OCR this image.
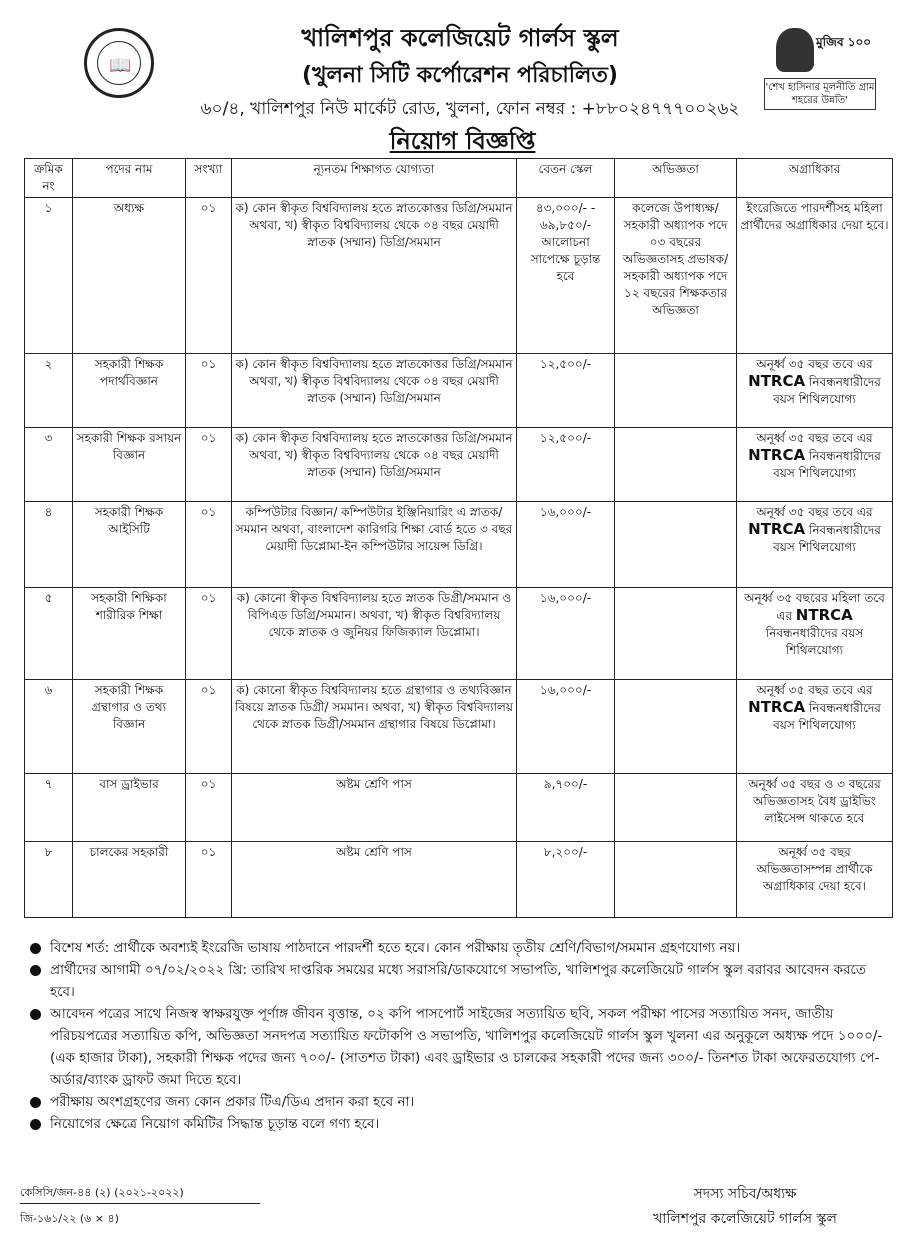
📖
খালিশপুর কলেজিয়েট গার্লস স্কুল
(খুলনা সিটি কর্পোরেশন পরিচালিত)
৬০/৪, খালিশপুর নিউ মার্কেট রোড, খুলনা, ফোন নম্বর : +৮৮০২৪৭৭৭০০২৬২
নিয়োগ বিজ্ঞপ্তি
মুজিব ১০০
'শেখ হাসিনার মূলনীতি গ্রাম শহরের উন্নতি'
ক্রমিক নং	পদের নাম	সংখ্যা	ন্যূনতম শিক্ষাগত যোগ্যতা	বেতন স্কেল	অভিজ্ঞতা	অগ্রাধিকার
১	অধ্যক্ষ	০১	ক) কোন স্বীকৃত বিশ্ববিদ্যালয় হতে স্নাতকোত্তর ডিগ্রি/সমমান অথবা, খ) স্বীকৃত বিশ্ববিদ্যালয় থেকে ০৪ বছর মেয়াদী স্নাতক (সম্মান) ডিগ্রি/সমমান	৪৩,০০০/- - ৬৯,৮৫০/- আলোচনা সাপেক্ষে চূড়ান্ত হবে	কলেজে উপাধ্যক্ষ/সহকারী অধ্যাপক পদে ০৩ বছরের অভিজ্ঞতাসহ প্রভাষক/সহকারী অধ্যাপক পদে ১২ বছরের শিক্ষকতার অভিজ্ঞতা	ইংরেজিতে পারদর্শীসহ মহিলা প্রার্থীদের অগ্রাধিকার দেয়া হবে।
২	সহকারী শিক্ষক পদার্থবিজ্ঞান	০১	ক) কোন স্বীকৃত বিশ্ববিদ্যালয় হতে স্নাতকোত্তর ডিগ্রি/সমমান অথবা, খ) স্বীকৃত বিশ্ববিদ্যালয় থেকে ০৪ বছর মেয়াদী স্নাতক (সম্মান) ডিগ্রি/সমমান	১২,৫০০/-		অনূর্ধ্ব ৩৫ বছর তবে এর NTRCA নিবন্ধনধারীদের বয়স শিথিলযোগ্য
৩	সহকারী শিক্ষক রসায়ন বিজ্ঞান	০১	ক) কোন স্বীকৃত বিশ্ববিদ্যালয় হতে স্নাতকোত্তর ডিগ্রি/সমমান অথবা, খ) স্বীকৃত বিশ্ববিদ্যালয় থেকে ০৪ বছর মেয়াদী স্নাতক (সম্মান) ডিগ্রি/সমমান	১২,৫০০/-		অনূর্ধ্ব ৩৫ বছর তবে এর NTRCA নিবন্ধনধারীদের বয়স শিথিলযোগ্য
৪	সহকারী শিক্ষক আইসিটি	০১	কম্পিউটার বিজ্ঞান/ কম্পিউটার ইঞ্জিনিয়ারিং এ স্নাতক/সমমান অথবা, বাংলাদেশ কারিগরি শিক্ষা বোর্ড হতে ৩ বছর মেয়াদী ডিপ্লোমা-ইন কম্পিউটার সায়েন্স ডিগ্রি।	১৬,০০০/-		অনূর্ধ্ব ৩৫ বছর তবে এর NTRCA নিবন্ধনধারীদের বয়স শিথিলযোগ্য
৫	সহকারী শিক্ষিকা শারীরিক শিক্ষা	০১	ক) কোনো স্বীকৃত বিশ্ববিদ্যালয় হতে স্নাতক ডিগ্রী/সমমান ও বিপিএড ডিগ্রি/সমমান। অথবা, খ) স্বীকৃত বিশ্ববিদ্যালয় থেকে স্নাতক ও জুনিয়র ফিজিক্যাল ডিপ্লোমা।	১৬,০০০/-		অনূর্ধ্ব ৩৫ বছরের মহিলা তবে এর NTRCA নিবন্ধনধারীদের বয়স শিথিলযোগ্য
৬	সহকারী শিক্ষক গ্রন্থাগার ও তথ্য বিজ্ঞান	০১	ক) কোনো স্বীকৃত বিশ্ববিদ্যালয় হতে গ্রন্থাগার ও তথ্যবিজ্ঞান বিষয়ে স্নাতক ডিগ্রী/ সমমান। অথবা, খ) স্বীকৃত বিশ্ববিদ্যালয় থেকে স্নাতক ডিগ্রী/সমমান গ্রন্থাগার বিষয়ে ডিপ্লোমা।	১৬,০০০/-		অনূর্ধ্ব ৩৫ বছর তবে এর NTRCA নিবন্ধনধারীদের বয়স শিথিলযোগ্য
৭	বাস ড্রাইভার	০১	অষ্টম শ্রেণি পাস	৯,৭০০/-		অনূর্ধ্ব ৩৫ বছর ও ৩ বছরের অভিজ্ঞতাসহ বৈধ ড্রাইভিং লাইসেন্স থাকতে হবে
৮	চালকের সহকারী	০১	অষ্টম শ্রেণি পাস	৮,২০০/-		অনূর্ধ্ব ৩৫ বছর অভিজ্ঞতাসম্পন্ন প্রার্থীকে অগ্রাধিকার দেয়া হবে।
বিশেষ শর্ত: প্রার্থীকে অবশ্যই ইংরেজি ভাষায় পাঠদানে পারদর্শী হতে হবে। কোন পরীক্ষায় তৃতীয় শ্রেণি/বিভাগ/সমমান গ্রহণযোগ্য নয়।
প্রার্থীদের আগামী ০৭/০২/২০২২ খ্রি: তারিখ দাপ্তরিক সময়ের মধ্যে সরাসরি/ডাকযোগে সভাপতি, খালিশপুর কলেজিয়েট গার্লস স্কুল বরাবর আবেদন করতে হবে।
আবেদন পত্রের সাথে নিজস্ব স্বাক্ষরযুক্ত পূর্ণাঙ্গ জীবন বৃত্তান্ত, ০২ কপি পাসপোর্ট সাইজের সত্যায়িত ছবি, সকল পরীক্ষা পাসের সত্যায়িত সনদ, জাতীয় পরিচয়পত্রের সত্যায়িত কপি, অভিজ্ঞতা সনদপত্র সত্যায়িত ফটোকপি ও সভাপতি, খালিশপুর কলেজিয়েট গার্লস স্কুল খুলনা এর অনুকূলে অধ্যক্ষ পদে ১০০০/- (এক হাজার টাকা), সহকারী শিক্ষক পদের জন্য ৭০০/- (সাতশত টাকা) এবং ড্রাইভার ও চালকের সহকারী পদের জন্য ৩০০/- তিনশত টাকা অফেরতযোগ্য পে-অর্ডার/ব্যাংক ড্রাফট জমা দিতে হবে।
পরীক্ষায় অংশগ্রহণের জন্য কোন প্রকার টিএ/ডিএ প্রদান করা হবে না।
নিয়োগের ক্ষেত্রে নিয়োগ কমিটির সিদ্ধান্ত চূড়ান্ত বলে গণ্য হবে।
কেসিসি/জন-৪৪ (২) (২০২১-২০২২)
জি-১৬১/২২ (৬ × ৪)
সদস্য সচিব/অধ্যক্ষ
খালিশপুর কলেজিয়েট গার্লস স্কুল
